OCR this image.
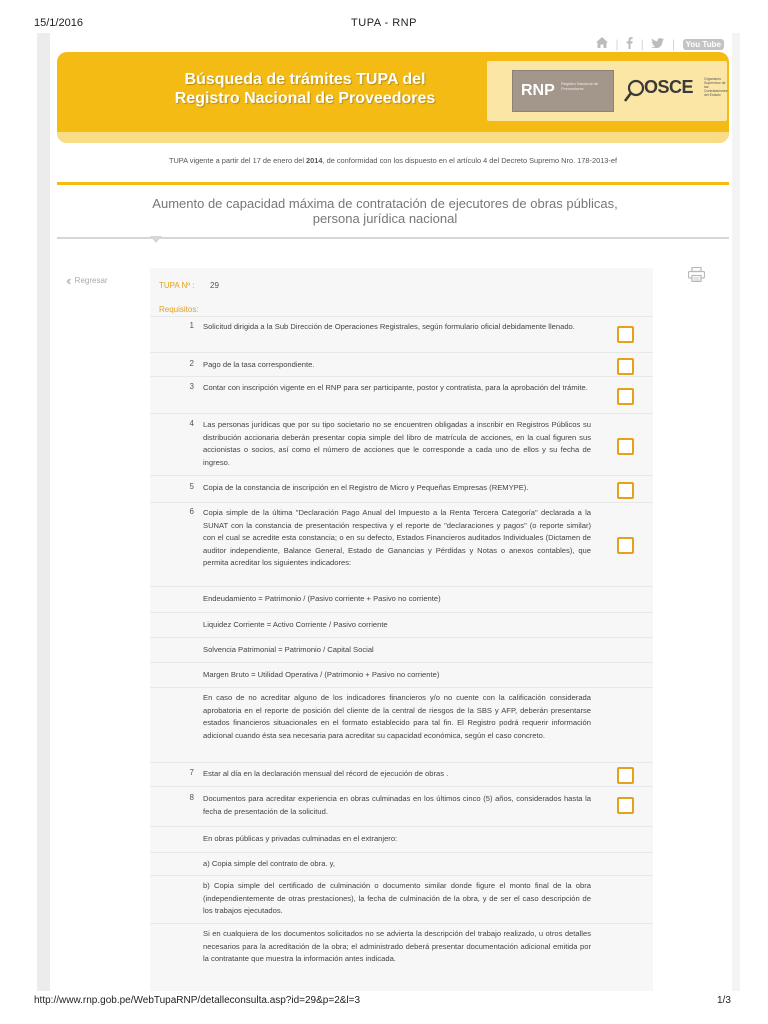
15/1/2016	TUPA - RNP
| | |	You Tube
Búsqueda de trámites TUPA del
Registro Nacional de Proveedores	RNP Registro Nacional de Proveedores	OSCE	Organismo Supervisor de las Contrataciones del Estado
TUPA vigente a partir del 17 de enero del 2014, de conformidad con los dispuesto en el artículo 4 del Decreto Supremo Nro. 178-2013-ef
Aumento de capacidad máxima de contratación de ejecutores de obras públicas,
persona jurídica nacional
‹‹ Regresar
TUPA Nº : 29
Requisitos:
1 Solicitud dirigida a la Sub Dirección de Operaciones Registrales, según formulario oficial debidamente llenado.
2 Pago de la tasa correspondiente.
3 Contar con inscripción vigente en el RNP para ser participante, postor y contratista, para la aprobación del trámite.
4 Las personas jurídicas que por su tipo societario no se encuentren obligadas a inscribir en Registros Públicos su distribución accionaria deberán presentar copia simple del libro de matrícula de acciones, en la cual figuren sus accionistas o socios, así como el número de acciones que le corresponde a cada uno de ellos y su fecha de ingreso.
5 Copia de la constancia de inscripción en el Registro de Micro y Pequeñas Empresas (REMYPE).
6 Copia simple de la última "Declaración Pago Anual del Impuesto a la Renta Tercera Categoría" declarada a la SUNAT con la constancia de presentación respectiva y el reporte de "declaraciones y pagos" (o reporte similar) con el cual se acredite esta constancia; o en su defecto, Estados Financieros auditados Individuales (Dictamen de auditor independiente, Balance General, Estado de Ganancias y Pérdidas y Notas o anexos contables), que permita acreditar los siguientes indicadores:
Endeudamiento = Patrimonio / (Pasivo corriente + Pasivo no corriente)
Liquidez Corriente = Activo Corriente / Pasivo corriente
Solvencia Patrimonial = Patrimonio / Capital Social
Margen Bruto = Utilidad Operativa / (Patrimonio + Pasivo no corriente)
En caso de no acreditar alguno de los indicadores financieros y/o no cuente con la calificación considerada aprobatoria en el reporte de posición del cliente de la central de riesgos de la SBS y AFP, deberán presentarse estados financieros situacionales en el formato establecido para tal fin. El Registro podrá requerir información adicional cuando ésta sea necesaria para acreditar su capacidad económica, según el caso concreto.
7 Estar al día en la declaración mensual del récord de ejecución de obras .
8 Documentos para acreditar experiencia en obras culminadas en los últimos cinco (5) años, considerados hasta la fecha de presentación de la solicitud.
En obras públicas y privadas culminadas en el extranjero:
a) Copia simple del contrato de obra. y,
b) Copia simple del certificado de culminación o documento similar donde figure el monto final de la obra (independientemente de otras prestaciones), la fecha de culminación de la obra, y de ser el caso descripción de los trabajos ejecutados.
Si en cualquiera de los documentos solicitados no se advierta la descripción del trabajo realizado, u otros detalles necesarios para la acreditación de la obra; el administrado deberá presentar documentación adicional emitida por la contratante que muestra la información antes indicada.
http://www.rnp.gob.pe/WebTupaRNP/detalleconsulta.asp?id=29&p=2&l=3	1/3
